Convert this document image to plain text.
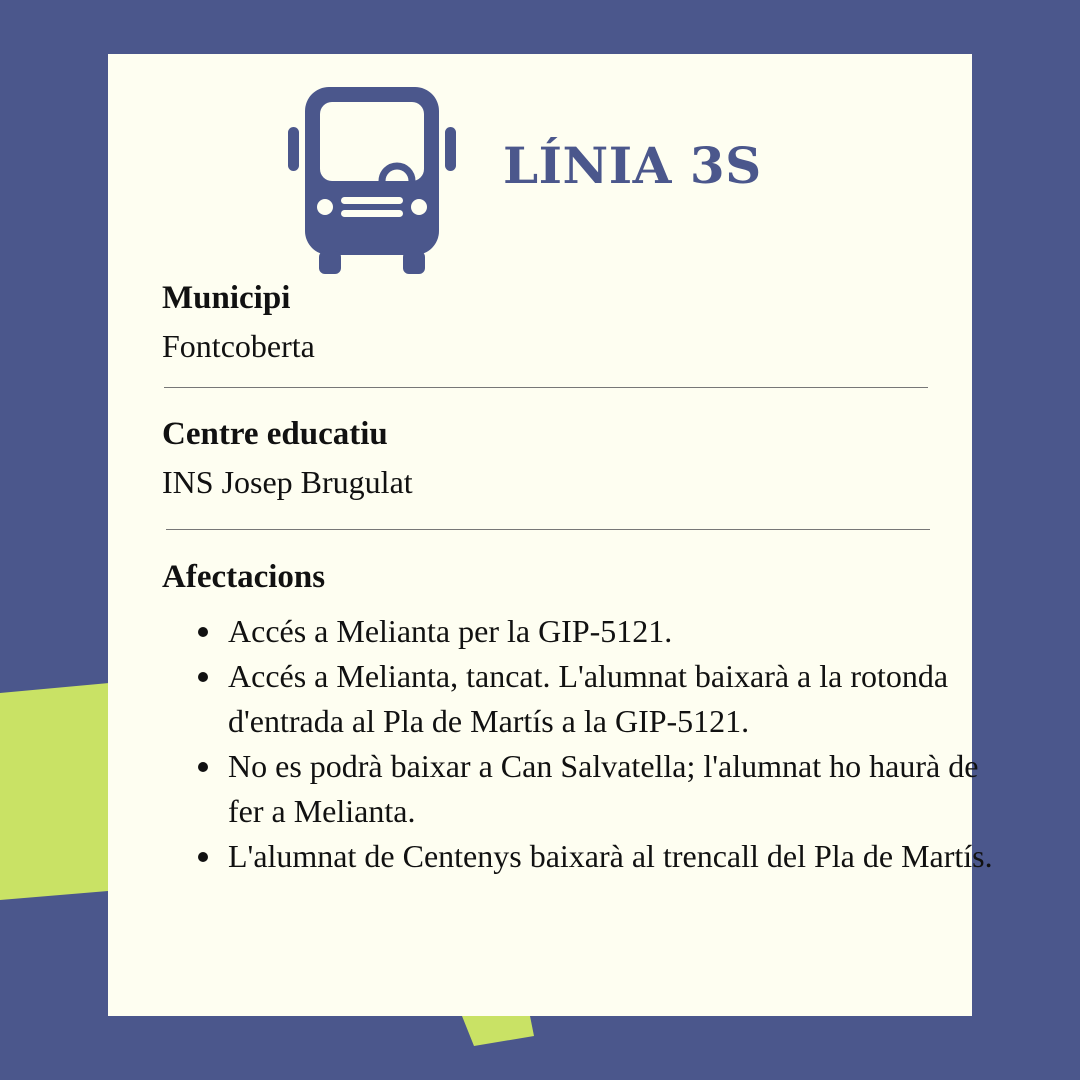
LÍNIA 3S
Municipi
Fontcoberta
Centre educatiu
INS Josep Brugulat
Afectacions
Accés a Melianta per la GIP-5121.
Accés a Melianta, tancat. L'alumnat baixarà a la rotonda d'entrada al Pla de Martís a la GIP-5121.
No es podrà baixar a Can Salvatella; l'alumnat ho haurà de fer a Melianta.
L'alumnat de Centenys baixarà al trencall del Pla de Martís.
